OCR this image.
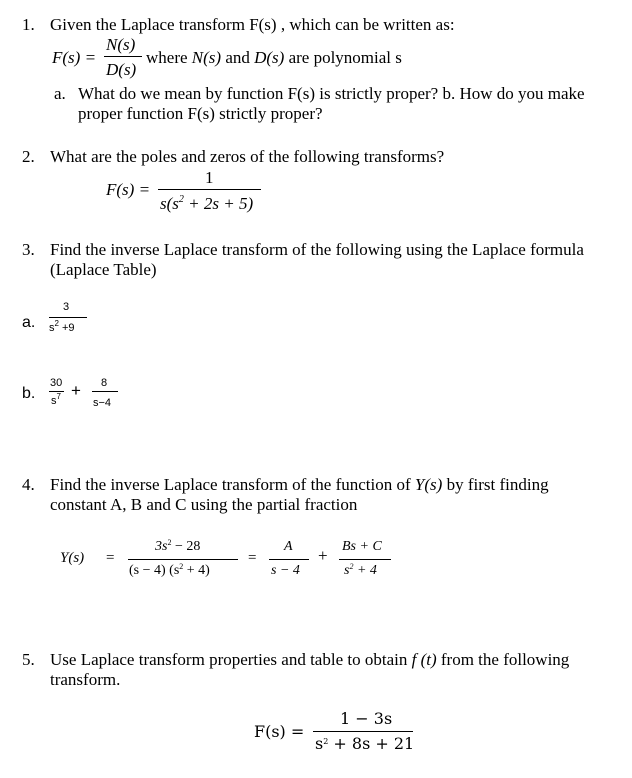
1. Given the Laplace transform F(s) , which can be written as:
F(s) =
N(s)
D(s)
where N(s) and D(s) are polynomial s
a. What do we mean by function F(s) is strictly proper? b. How do you make
proper function F(s) strictly proper?
2. What are the poles and zeros of the following transforms?
F(s) =
1
$s(s^2 + 2s + 5)$
3. Find the inverse Laplace transform of the following using the Laplace formula
(Laplace Table)
a.
3
$s^2 +9$
b.
30
$s^7 + 8$
s−4
4. Find the inverse Laplace transform of the function of Y(s) by first finding
constant A, B and C using the partial fraction
Y(s) =
$3s^2 - 28$
(s − 4) $(s^2 + 4)$
=
A
s − 4
+ Bs + C
$s^2 + 4$
5. Use Laplace transform properties and table to obtain f (t) from the following
transform.
F(s) =
1 − 3s
$s^2 + 8s + 21$
